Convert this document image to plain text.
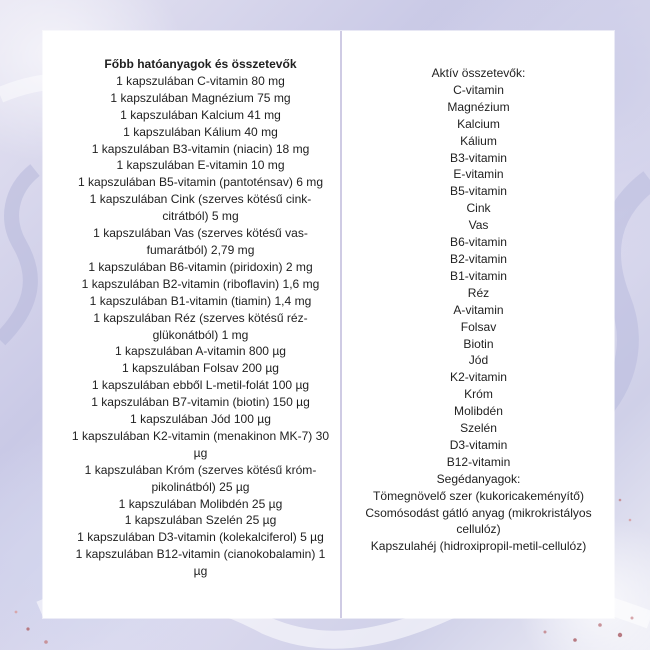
Főbb hatóanyagok és összetevők
1 kapszulában C-vitamin 80 mg
1 kapszulában Magnézium 75 mg
1 kapszulában Kalcium 41 mg
1 kapszulában Kálium 40 mg
1 kapszulában B3-vitamin (niacin) 18 mg
1 kapszulában E-vitamin 10 mg
1 kapszulában B5-vitamin (pantoténsav) 6 mg
1 kapszulában Cink (szerves kötésű cink-
citrátból) 5 mg
1 kapszulában Vas (szerves kötésű vas-
fumarátból) 2,79 mg
1 kapszulában B6-vitamin (piridoxin) 2 mg
1 kapszulában B2-vitamin (riboflavin) 1,6 mg
1 kapszulában B1-vitamin (tiamin) 1,4 mg
1 kapszulában Réz (szerves kötésű réz-
glükonátból) 1 mg
1 kapszulában A-vitamin 800 µg
1 kapszulában Folsav 200 µg
1 kapszulában ebből L-metil-folát 100 µg
1 kapszulában B7-vitamin (biotin) 150 µg
1 kapszulában Jód 100 µg
1 kapszulában K2-vitamin (menakinon MK-7) 30
µg
1 kapszulában Króm (szerves kötésű króm-
pikolinátból) 25 µg
1 kapszulában Molibdén 25 µg
1 kapszulában Szelén 25 µg
1 kapszulában D3-vitamin (kolekalciferol) 5 µg
1 kapszulában B12-vitamin (cianokobalamin) 1
µg
Aktív összetevők:
C-vitamin
Magnézium
Kalcium
Kálium
B3-vitamin
E-vitamin
B5-vitamin
Cink
Vas
B6-vitamin
B2-vitamin
B1-vitamin
Réz
A-vitamin
Folsav
Biotin
Jód
K2-vitamin
Króm
Molibdén
Szelén
D3-vitamin
B12-vitamin
Segédanyagok:
Tömegnövelő szer (kukoricakeményítő)
Csomósodást gátló anyag (mikrokristályos
cellulóz)
Kapszulahéj (hidroxipropil-metil-cellulóz)
